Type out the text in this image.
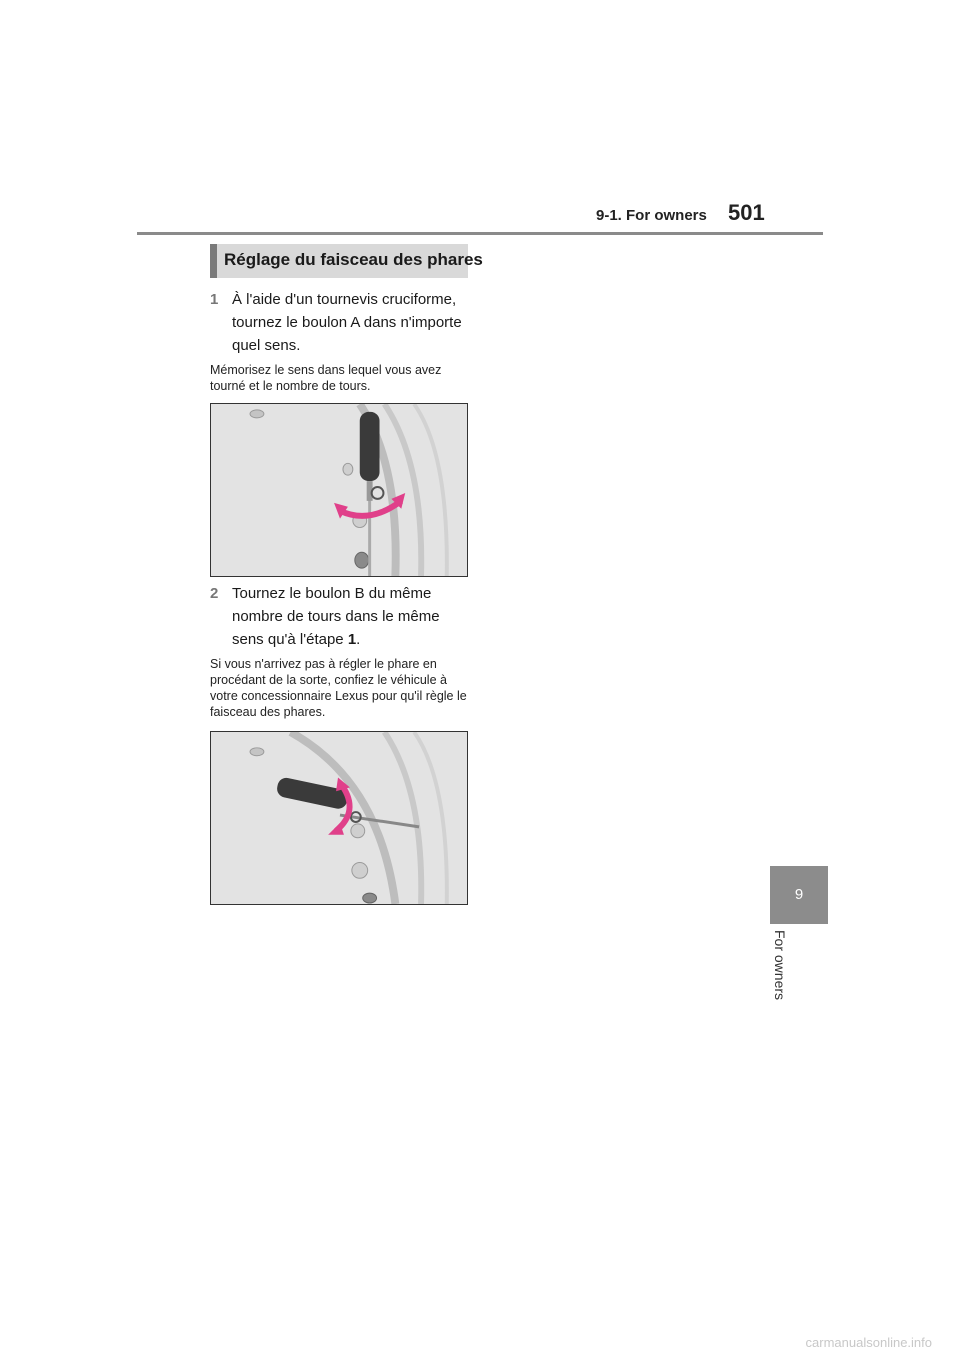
9-1. For owners 501
9
For owners
Réglage du faisceau des phares
1 À l'aide d'un tournevis cruciforme, tournez le boulon A dans n'importe quel sens.
Mémorisez le sens dans lequel vous avez tourné et le nombre de tours.
2 Tournez le boulon B du même nombre de tours dans le même sens qu'à l'étape 1.
Si vous n'arrivez pas à régler le phare en procédant de la sorte, confiez le véhicule à votre concessionnaire Lexus pour qu'il règle le faisceau des phares.
carmanualsonline.info
